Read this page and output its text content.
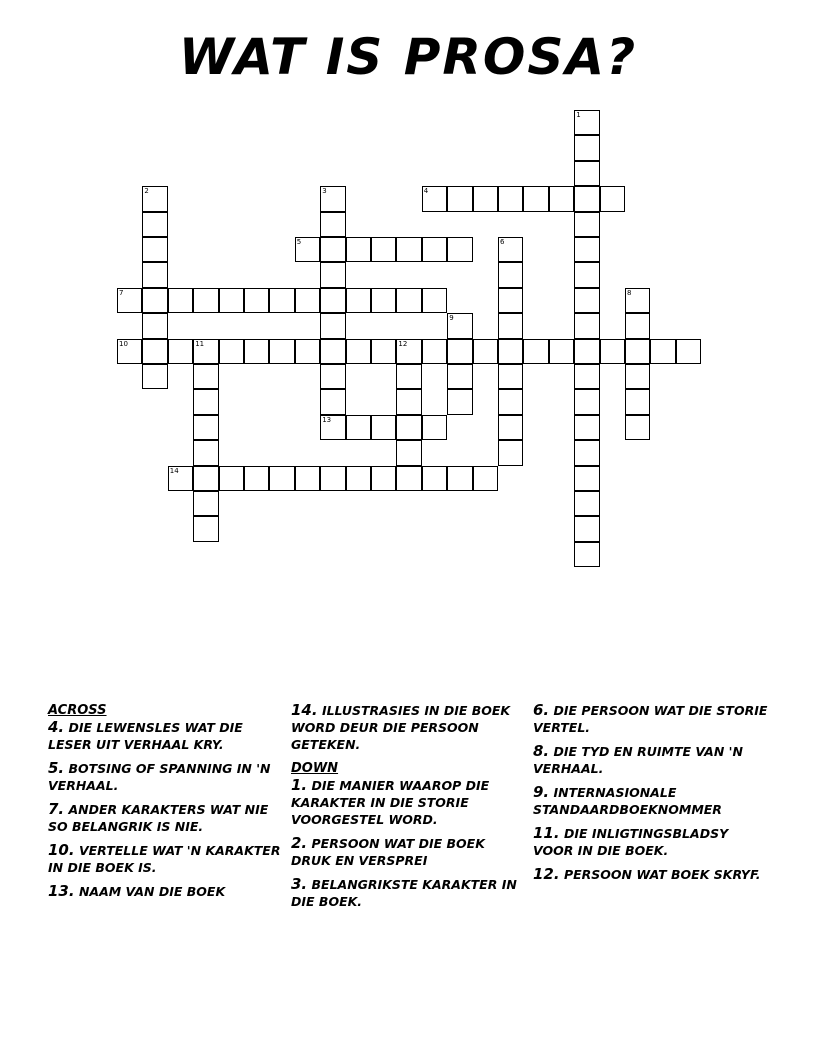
WAT IS PROSA?
1
2	3
13
4
5	6
7	8
9
10	11	12
14
ACROSS
4. DIE LEWENSLES WAT DIE LESER UIT VERHAAL KRY.
5. BOTSING OF SPANNING IN 'N VERHAAL.
7. ANDER KARAKTERS WAT NIE SO BELANGRIK IS NIE.
10. VERTELLE WAT 'N KARAKTER IN DIE BOEK IS.
13. NAAM VAN DIE BOEK
14. ILLUSTRASIES IN DIE BOEK WORD DEUR DIE PERSOON GETEKEN.
DOWN
1. DIE MANIER WAAROP DIE KARAKTER IN DIE STORIE VOORGESTEL WORD.
2. PERSOON WAT DIE BOEK DRUK EN VERSPREI
3. BELANGRIKSTE KARAKTER IN DIE BOEK.
6. DIE PERSOON WAT DIE STORIE VERTEL.
8. DIE TYD EN RUIMTE VAN 'N VERHAAL.
9. INTERNASIONALE STANDAARDBOEKNOMMER
11. DIE INLIGTINGSBLADSY VOOR IN DIE BOEK.
12. PERSOON WAT BOEK SKRYF.
